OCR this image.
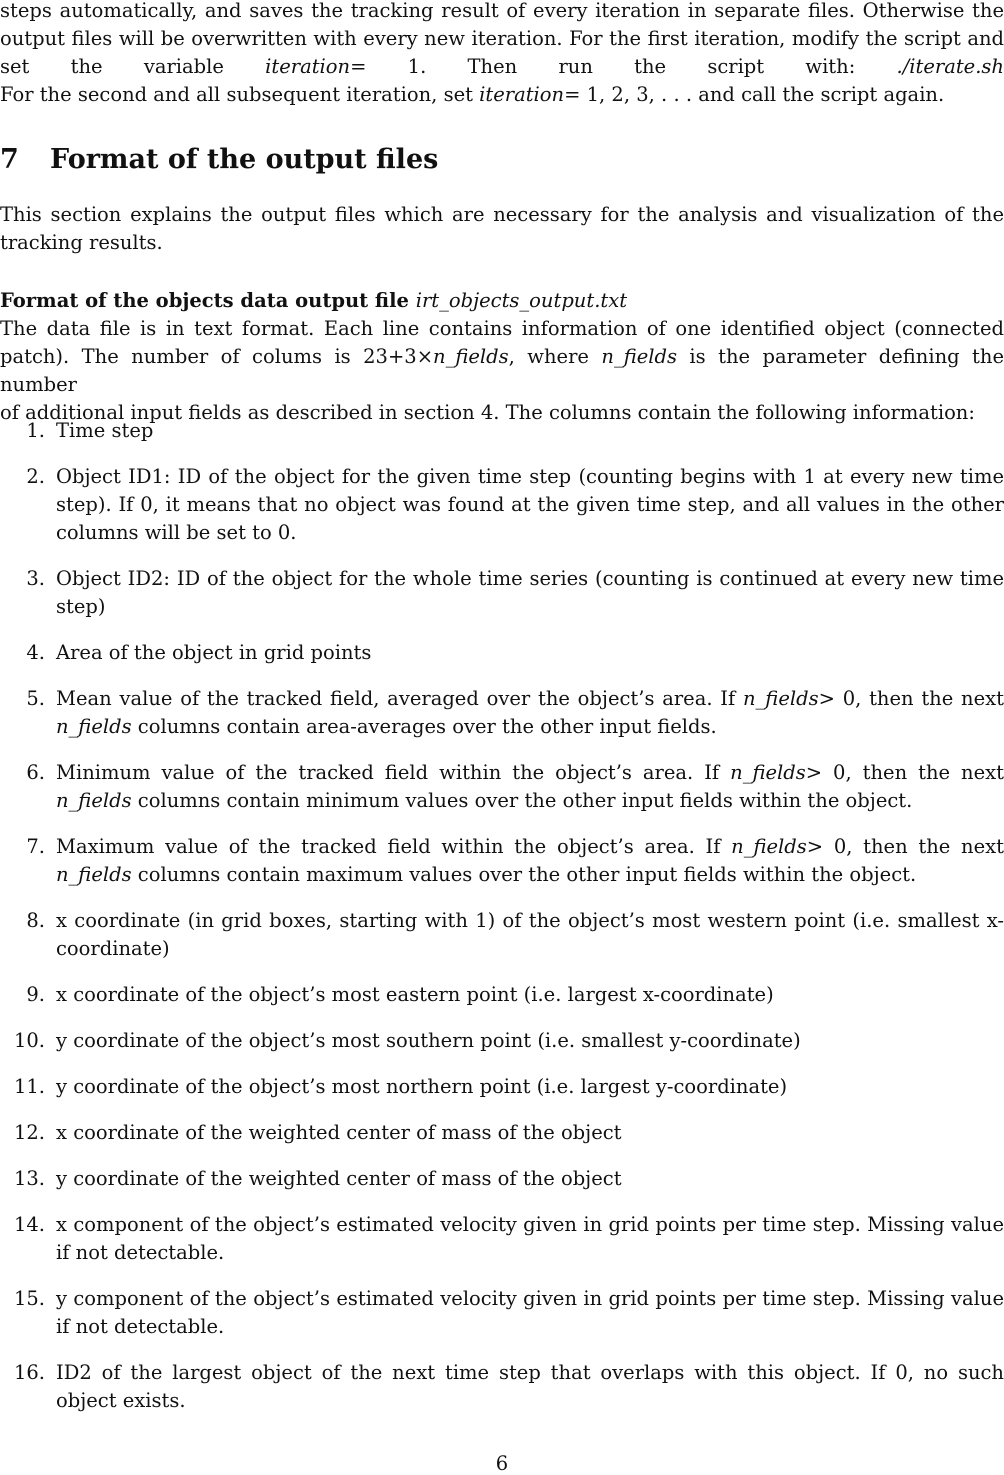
steps automatically, and saves the tracking result of every iteration in separate files. Otherwise the
output files will be overwritten with every new iteration. For the first iteration, modify the script and
set the variable iteration= 1. Then run the script with: ./iterate.sh
For the second and all subsequent iteration, set iteration= 1, 2, 3, . . . and call the script again.
7 Format of the output files
This section explains the output files which are necessary for the analysis and visualization of the
tracking results.
Format of the objects data output file irt_objects_output.txt
The data file is in text format. Each line contains information of one identified object (connected
patch). The number of colums is 23+3×n_fields, where n_fields is the parameter defining the number
of additional input fields as described in section 4. The columns contain the following information:
1. Time step
2. Object ID1: ID of the object for the given time step (counting begins with 1 at every new time step). If 0, it means that no object was found at the given time step, and all values in the other columns will be set to 0.
3. Object ID2: ID of the object for the whole time series (counting is continued at every new time step)
4. Area of the object in grid points
5. Mean value of the tracked field, averaged over the object’s area. If n_fields> 0, then the next n_fields columns contain area-averages over the other input fields.
6. Minimum value of the tracked field within the object’s area. If n_fields> 0, then the next n_fields columns contain minimum values over the other input fields within the object.
7. Maximum value of the tracked field within the object’s area. If n_fields> 0, then the next n_fields columns contain maximum values over the other input fields within the object.
8. x coordinate (in grid boxes, starting with 1) of the object’s most western point (i.e. smallest x-coordinate)
9. x coordinate of the object’s most eastern point (i.e. largest x-coordinate)
10. y coordinate of the object’s most southern point (i.e. smallest y-coordinate)
11. y coordinate of the object’s most northern point (i.e. largest y-coordinate)
12. x coordinate of the weighted center of mass of the object
13. y coordinate of the weighted center of mass of the object
14. x component of the object’s estimated velocity given in grid points per time step. Missing value if not detectable.
15. y component of the object’s estimated velocity given in grid points per time step. Missing value if not detectable.
16. ID2 of the largest object of the next time step that overlaps with this object. If 0, no such object exists.
6
